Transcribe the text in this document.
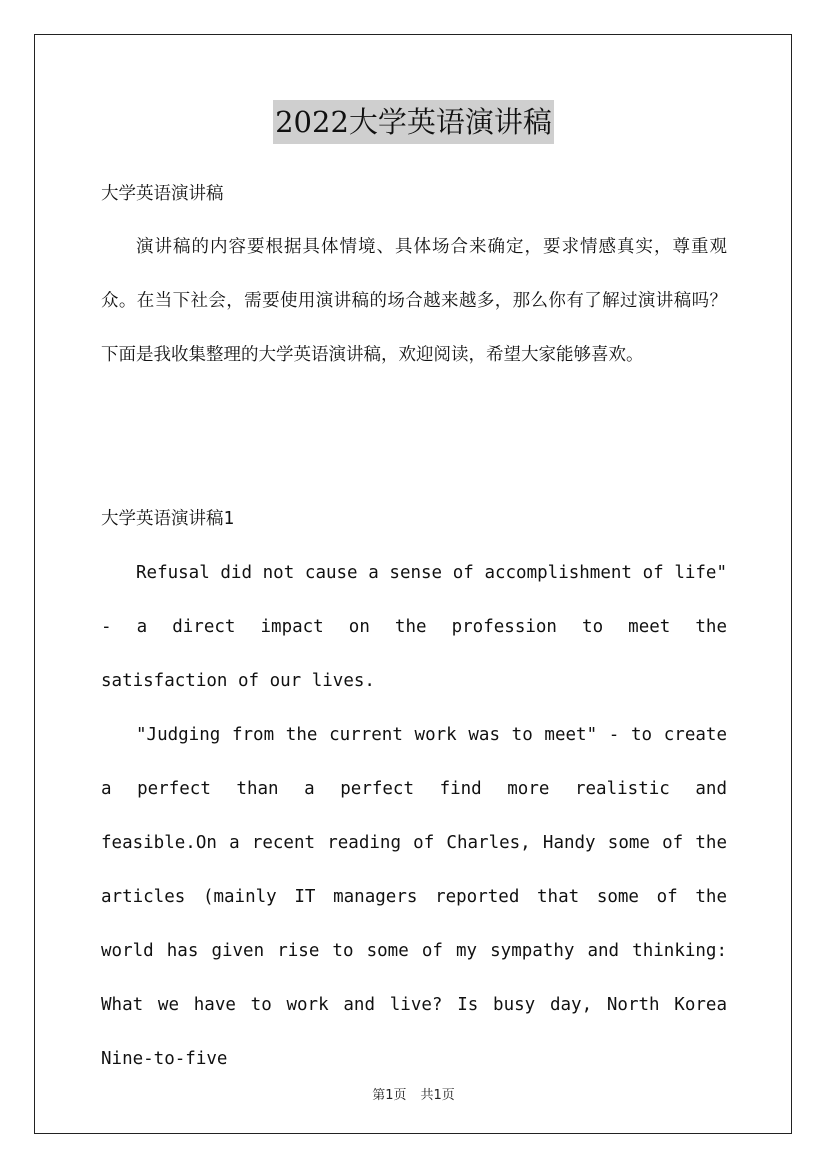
2022大学英语演讲稿
大学英语演讲稿
演讲稿的内容要根据具体情境、具体场合来确定，要求情感真实，尊重观众。在当下社会，需要使用演讲稿的场合越来越多，那么你有了解过演讲稿吗？下面是我收集整理的大学英语演讲稿，欢迎阅读，希望大家能够喜欢。
大学英语演讲稿1
Refusal did not cause a sense of accomplishment of life" - a direct impact on the profession to meet the satisfaction of our lives.
"Judging from the current work was to meet" - to create a perfect than a perfect find more realistic and feasible.On a recent reading of Charles, Handy some of the articles (mainly IT managers reported that some of the world has given rise to some of my sympathy and thinking: What we have to work and live? Is busy day, North Korea Nine-to-five
第1页 共1页
